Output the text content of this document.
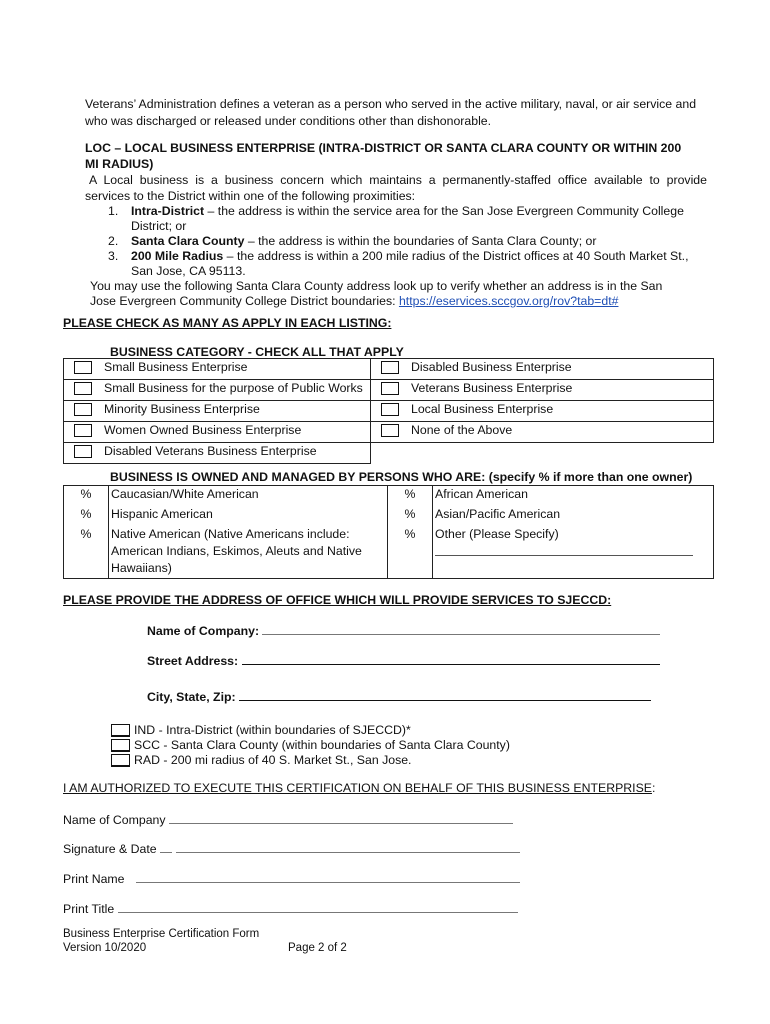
Veterans’ Administration defines a veteran as a person who served in the active military, naval, or air service and
who was discharged or released under conditions other than dishonorable.
LOC – LOCAL BUSINESS ENTERPRISE (INTRA-DISTRICT OR SANTA CLARA COUNTY OR WITHIN 200
MI RADIUS)
A Local business is a business concern which maintains a permanently-staffed office available to provide
services to the District within one of the following proximities:
1. Intra-District – the address is within the service area for the San Jose Evergreen Community College
District; or
2. Santa Clara County – the address is within the boundaries of Santa Clara County; or
3. 200 Mile Radius – the address is within a 200 mile radius of the District offices at 40 South Market St.,
San Jose, CA 95113.
You may use the following Santa Clara County address look up to verify whether an address is in the San
Jose Evergreen Community College District boundaries: https://eservices.sccgov.org/rov?tab=dt#
PLEASE CHECK AS MANY AS APPLY IN EACH LISTING:
BUSINESS CATEGORY - CHECK ALL THAT APPLY
	Small Business Enterprise		Disabled Business Enterprise
	Small Business for the purpose of Public Works		Veterans Business Enterprise
	Minority Business Enterprise		Local Business Enterprise
	Women Owned Business Enterprise		None of the Above
	Disabled Veterans Business Enterprise		
BUSINESS IS OWNED AND MANAGED BY PERSONS WHO ARE: (specify % if more than one owner)
%	Caucasian/White American	%	African American
%	Hispanic American	%	Asian/Pacific American
%	Native American (Native Americans include:
American Indians, Eskimos, Aleuts and Native
Hawaiians)	%	Other (Please Specify)
PLEASE PROVIDE THE ADDRESS OF OFFICE WHICH WILL PROVIDE SERVICES TO SJECCD:
Name of Company:
Street Address:
City, State, Zip:
IND - Intra-District (within boundaries of SJECCD)*
SCC - Santa Clara County (within boundaries of Santa Clara County)
RAD - 200 mi radius of 40 S. Market St., San Jose.
I AM AUTHORIZED TO EXECUTE THIS CERTIFICATION ON BEHALF OF THIS BUSINESS ENTERPRISE:
Name of Company
Signature & Date
Print Name
Print Title
Business Enterprise Certification Form
Version 10/2020	Page 2 of 2
